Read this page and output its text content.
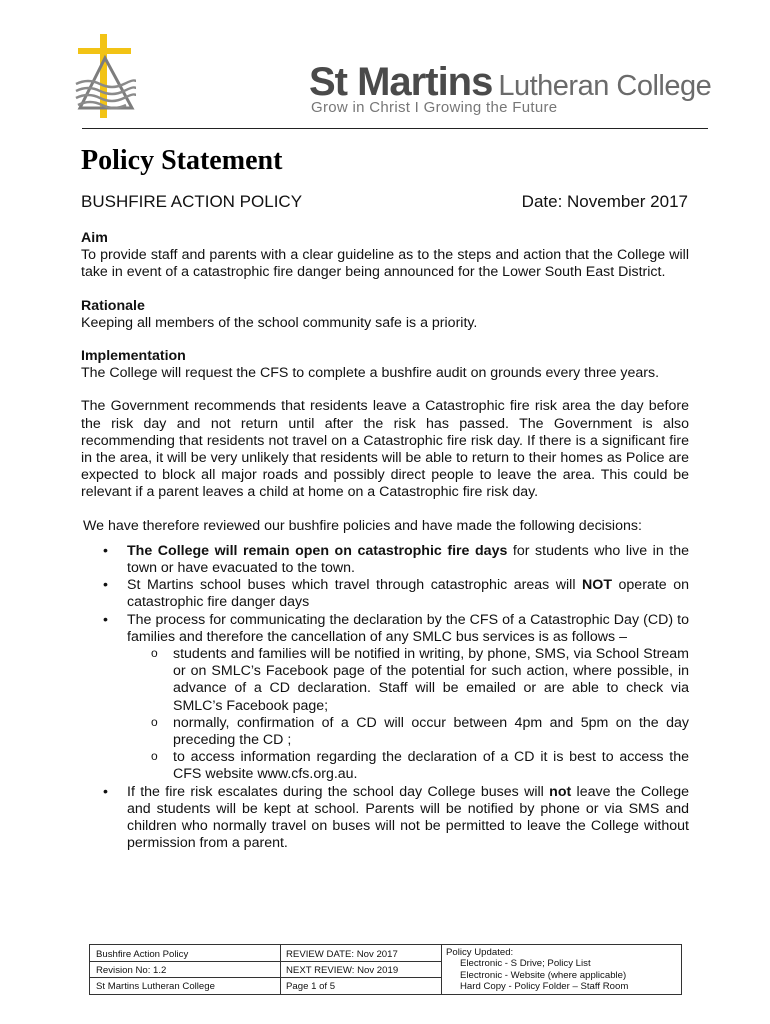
St Martins Lutheran College
Grow in Christ I Growing the Future
Policy Statement
BUSHFIRE ACTION POLICY	Date: November 2017
Aim

To provide staff and parents with a clear guideline as to the steps and action that the College will take in event of a catastrophic fire danger being announced for the Lower South East District.

Rationale

Keeping all members of the school community safe is a priority.

Implementation

The College will request the CFS to complete a bushfire audit on grounds every three years.

The Government recommends that residents leave a Catastrophic fire risk area the day before the risk day and not return until after the risk has passed. The Government is also recommending that residents not travel on a Catastrophic fire risk day. If there is a significant fire in the area, it will be very unlikely that residents will be able to return to their homes as Police are expected to block all major roads and possibly direct people to leave the area. This could be relevant if a parent leaves a child at home on a Catastrophic fire risk day.

We have therefore reviewed our bushfire policies and have made the following decisions:

• The College will remain open on catastrophic fire days for students who live in the town or have evacuated to the town.
• St Martins school buses which travel through catastrophic areas will NOT operate on catastrophic fire danger days
• The process for communicating the declaration by the CFS of a Catastrophic Day (CD) to families and therefore the cancellation of any SMLC bus services is as follows –
o students and families will be notified in writing, by phone, SMS, via School Stream or on SMLC’s Facebook page of the potential for such action, where possible, in advance of a CD declaration. Staff will be emailed or are able to check via SMLC’s Facebook page;
o normally, confirmation of a CD will occur between 4pm and 5pm on the day preceding the CD ;
o to access information regarding the declaration of a CD it is best to access the CFS website www.cfs.org.au.
• If the fire risk escalates during the school day College buses will not leave the College and students will be kept at school. Parents will be notified by phone or via SMS and children who normally travel on buses will not be permitted to leave the College without permission from a parent.
Bushfire Action Policy
Revision No: 1.2
St Martins Lutheran College
REVIEW DATE: Nov 2017
NEXT REVIEW: Nov 2019
Page 1 of 5
Policy Updated:
Electronic - S Drive; Policy List
Electronic - Website (where applicable)
Hard Copy - Policy Folder – Staff Room
